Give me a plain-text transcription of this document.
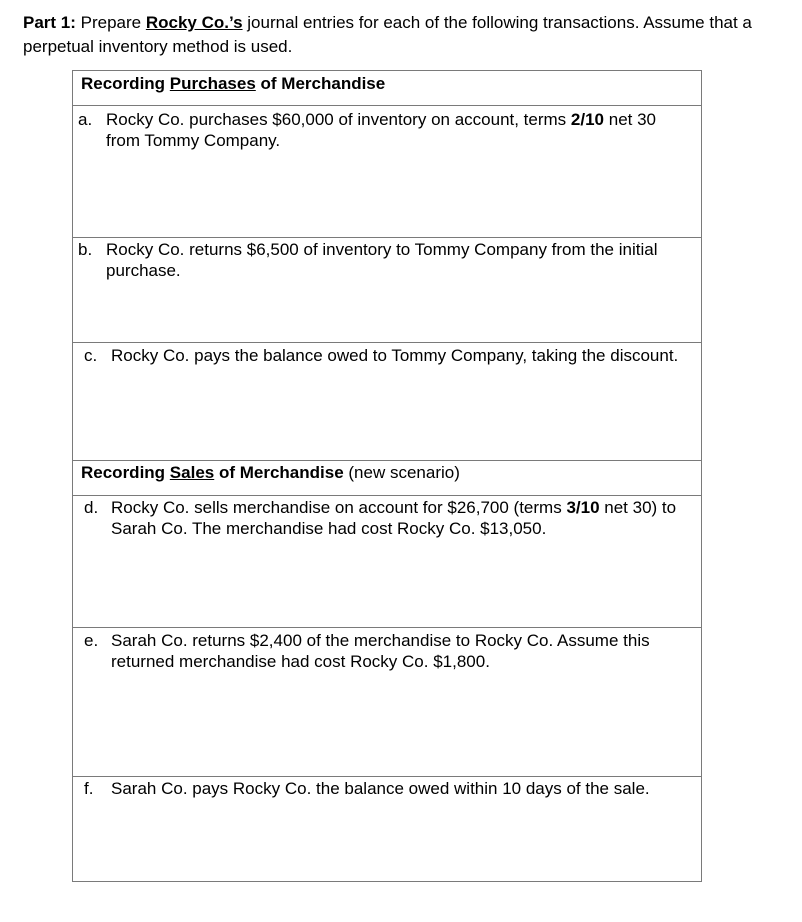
Part 1: Prepare Rocky Co.’s journal entries for each of the following transactions. Assume that a perpetual inventory method is used.
Recording Purchases of Merchandise
a. Rocky Co. purchases $60,000 of inventory on account, terms 2/10 net 30 from Tommy Company.
b. Rocky Co. returns $6,500 of inventory to Tommy Company from the initial purchase.
c. Rocky Co. pays the balance owed to Tommy Company, taking the discount.
Recording Sales of Merchandise (new scenario)
d. Rocky Co. sells merchandise on account for $26,700 (terms 3/10 net 30) to Sarah Co. The merchandise had cost Rocky Co. $13,050.
e. Sarah Co. returns $2,400 of the merchandise to Rocky Co. Assume this returned merchandise had cost Rocky Co. $1,800.
f.	Sarah Co. pays Rocky Co. the balance owed within 10 days of the sale.
